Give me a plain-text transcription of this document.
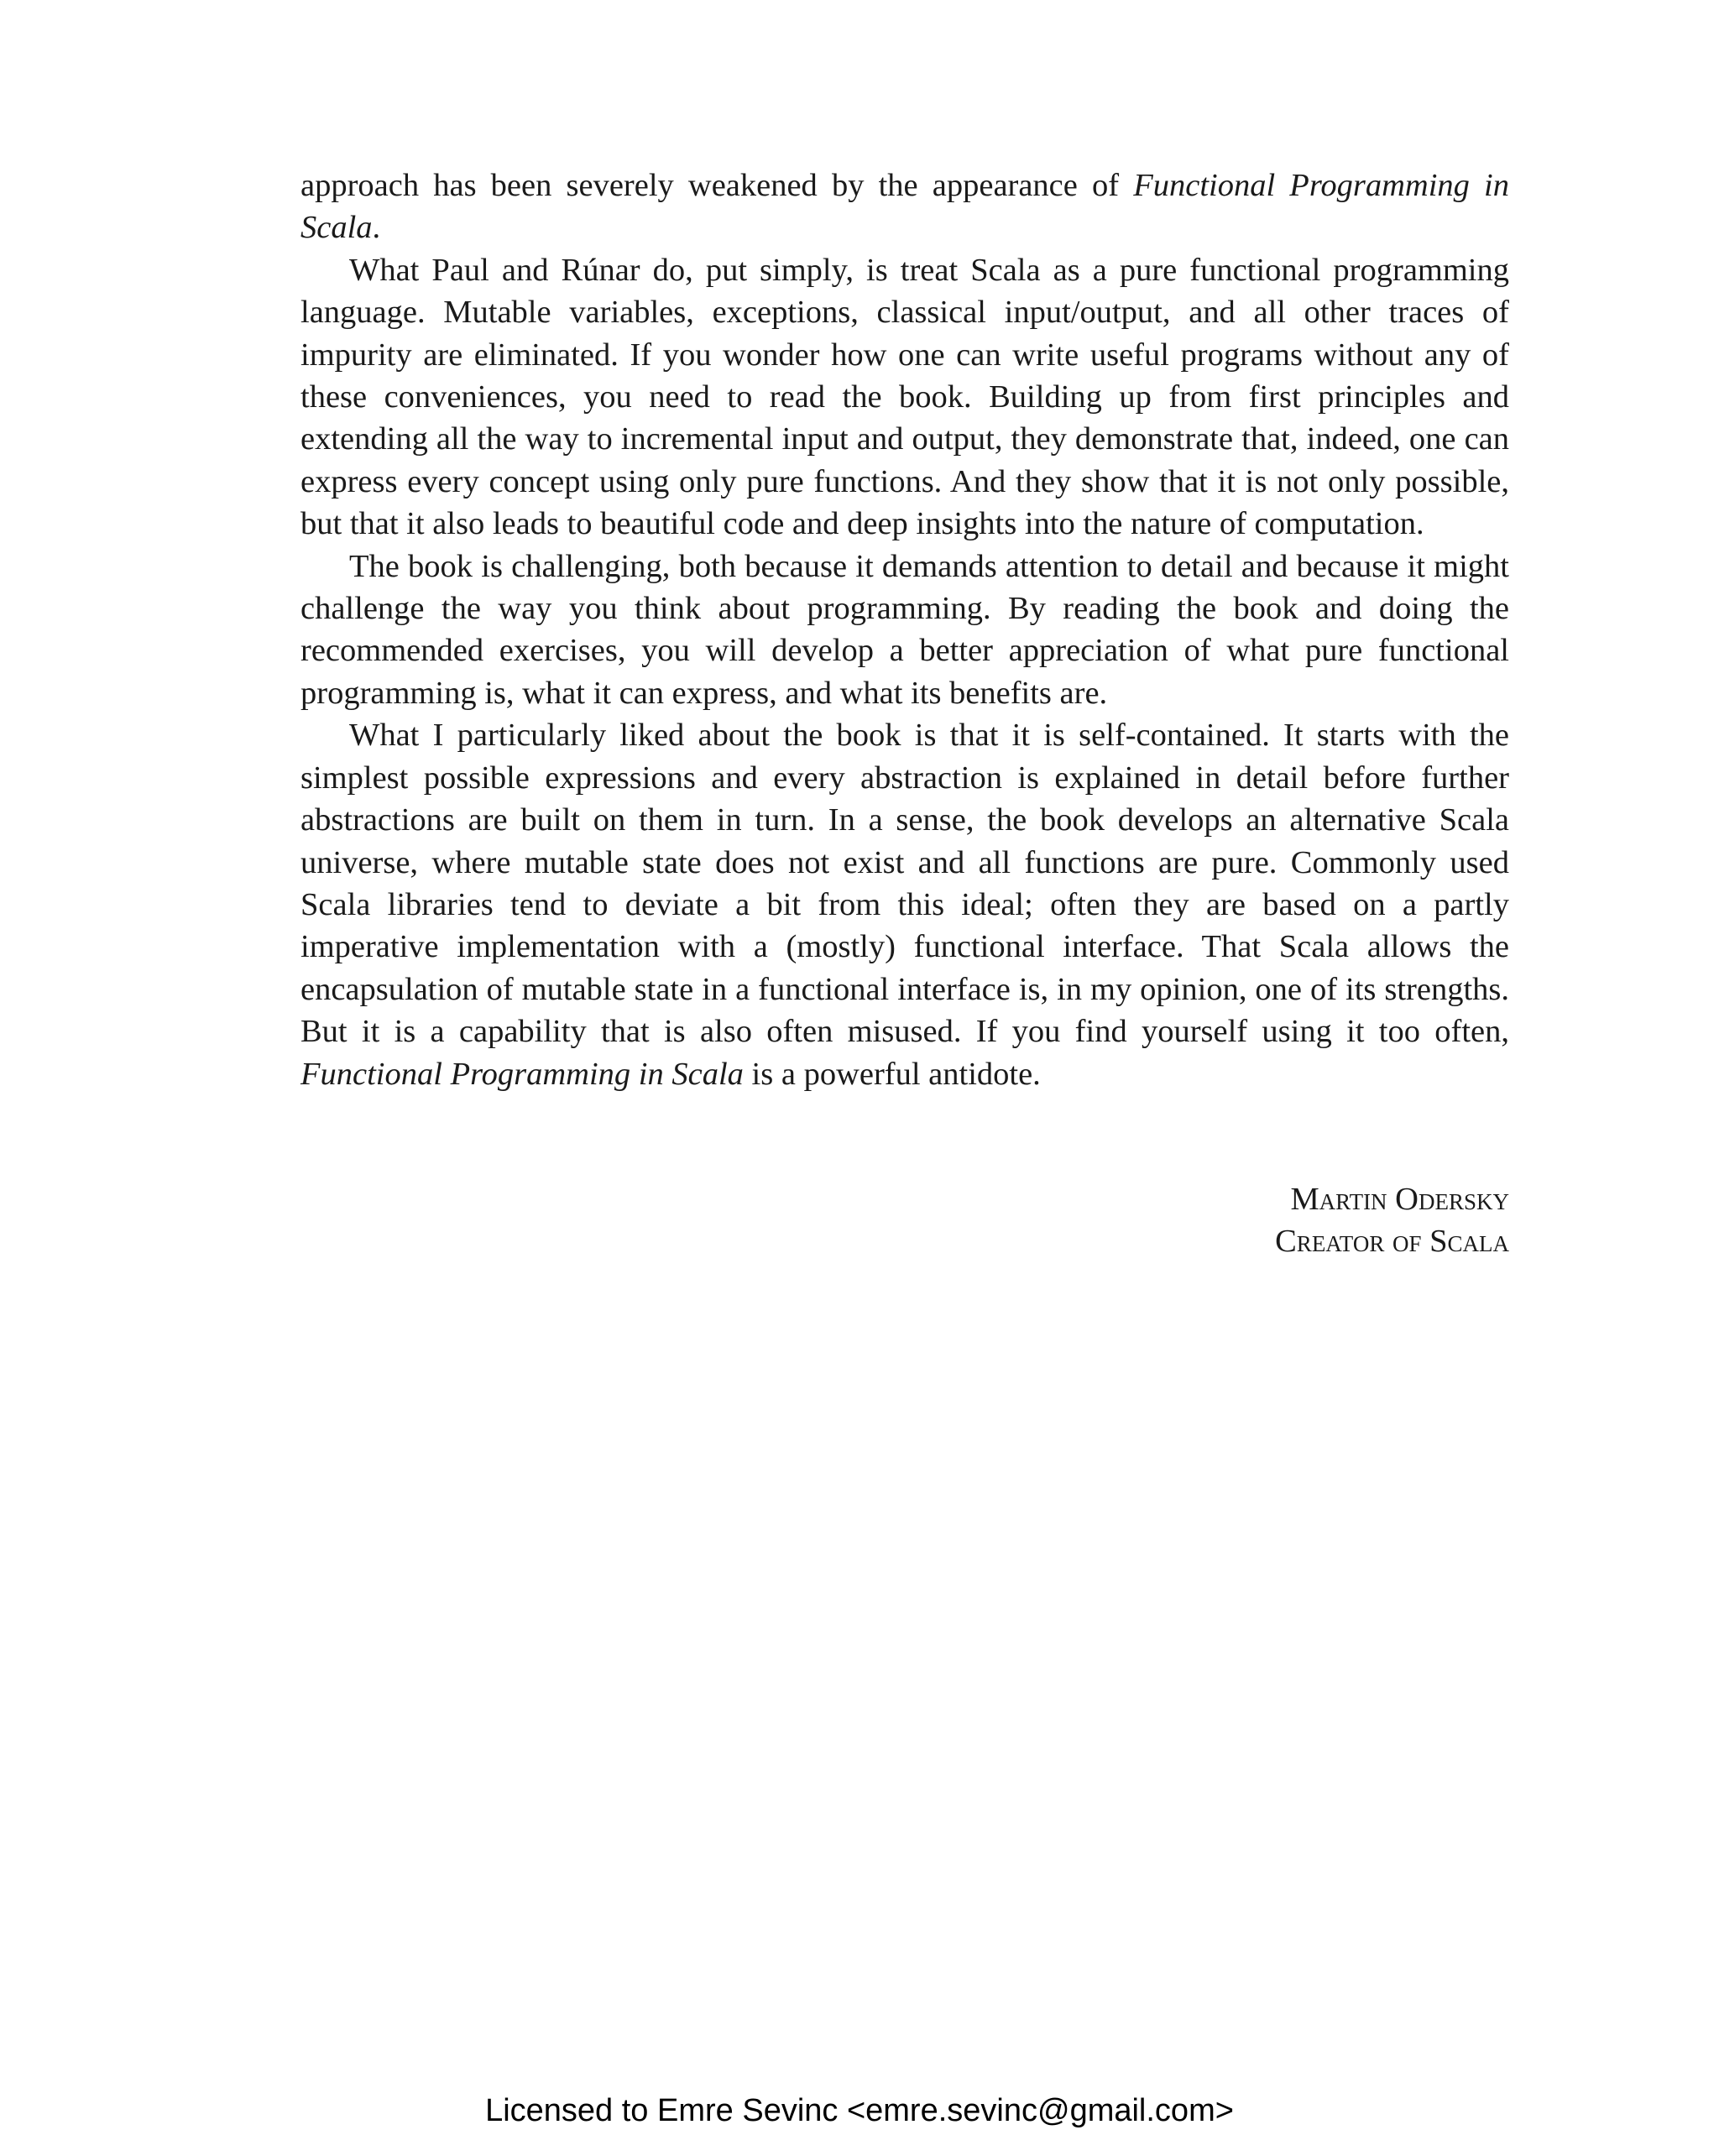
approach has been severely weakened by the appearance of Functional Programming in Scala.

What Paul and Rúnar do, put simply, is treat Scala as a pure functional programming language. Mutable variables, exceptions, classical input/output, and all other traces of impurity are eliminated. If you wonder how one can write useful programs without any of these conveniences, you need to read the book. Building up from first principles and extending all the way to incremental input and output, they demonstrate that, indeed, one can express every concept using only pure functions. And they show that it is not only possible, but that it also leads to beautiful code and deep insights into the nature of computation.

The book is challenging, both because it demands attention to detail and because it might challenge the way you think about programming. By reading the book and doing the recommended exercises, you will develop a better appreciation of what pure functional programming is, what it can express, and what its benefits are.

What I particularly liked about the book is that it is self-contained. It starts with the simplest possible expressions and every abstraction is explained in detail before further abstractions are built on them in turn. In a sense, the book develops an alternative Scala universe, where mutable state does not exist and all functions are pure. Commonly used Scala libraries tend to deviate a bit from this ideal; often they are based on a partly imperative implementation with a (mostly) functional interface. That Scala allows the encapsulation of mutable state in a functional interface is, in my opinion, one of its strengths. But it is a capability that is also often misused. If you find yourself using it too often, Functional Programming in Scala is a powerful antidote.

Martin Odersky
Creator of Scala
Licensed to Emre Sevinc <emre.sevinc@gmail.com>
